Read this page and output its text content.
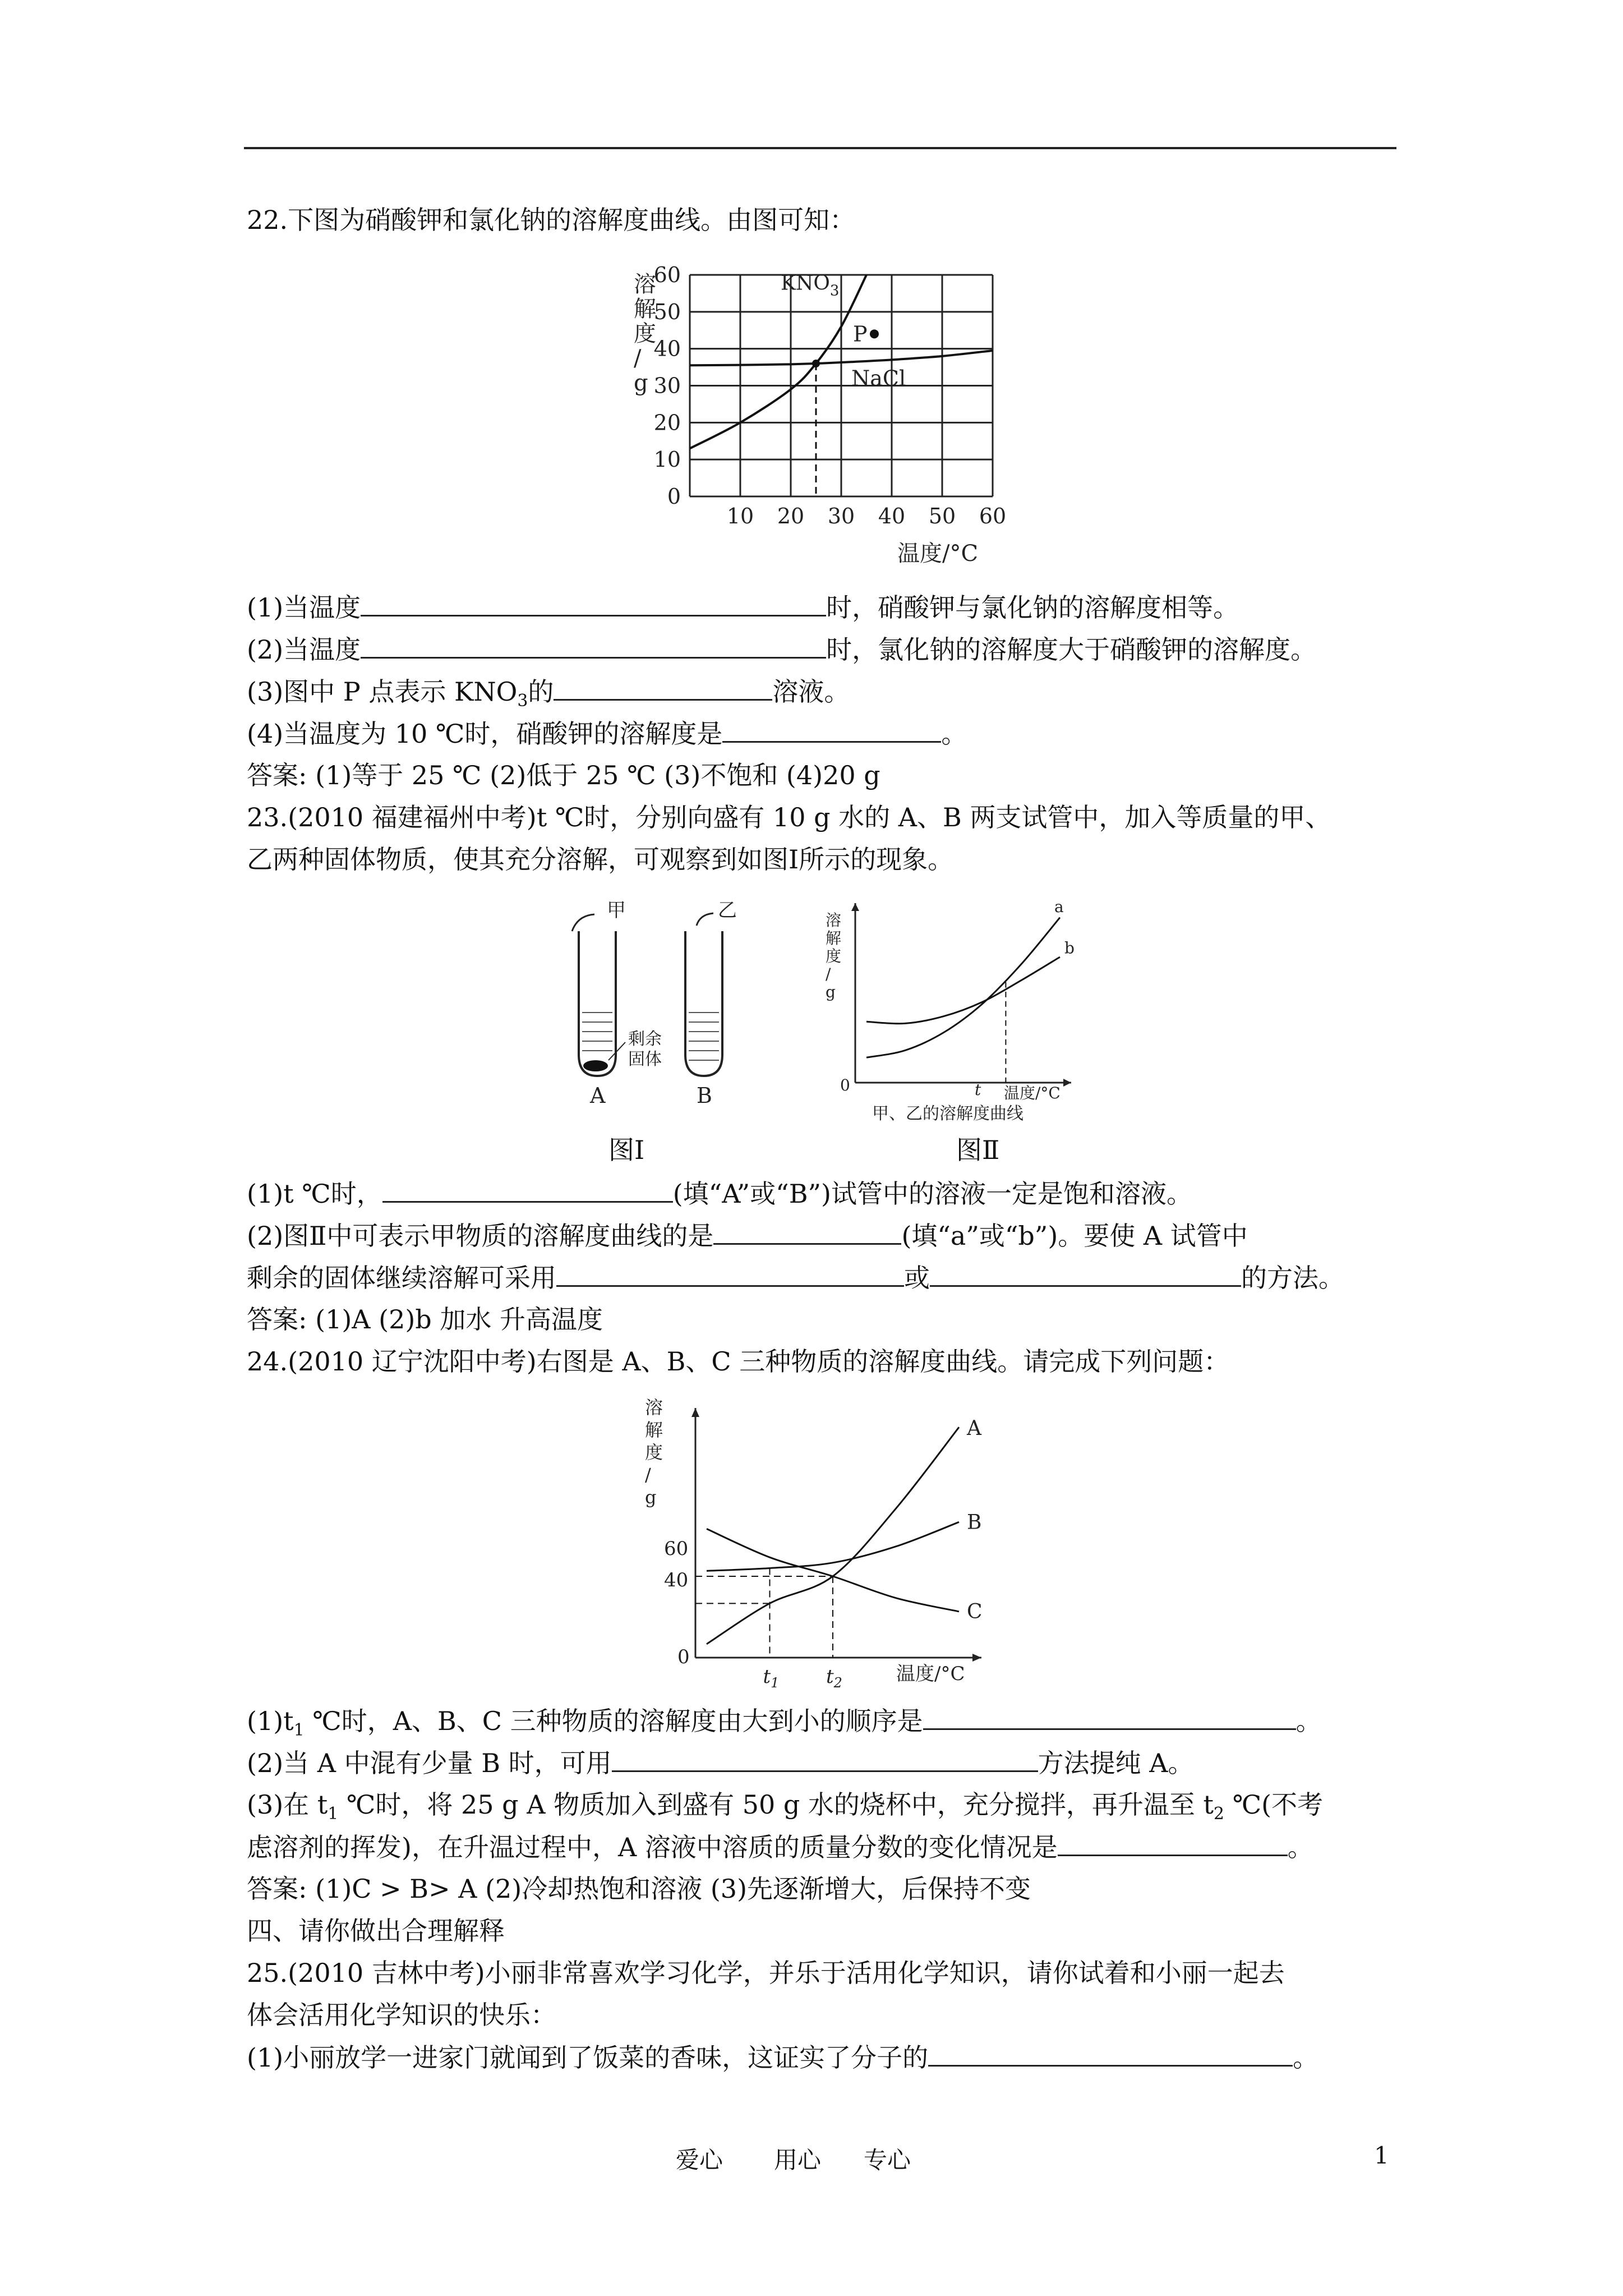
22.下图为硝酸钾和氯化钠的溶解度曲线。由图可知：
P
$KNO_3$
NaCl
0
10
20
30
40
50
60
10 20 30 40 50 60
溶
解
度
/
g
温度/°C
(1)当温度	时，硝酸钾与氯化钠的溶解度相等。
(2)当温度	时，氯化钠的溶解度大于硝酸钾的溶解度。
(3)图中 P 点表示 $KNO_3$的	溶液。
(4)当温度为 10 ℃时，硝酸钾的溶解度是	。
答案: (1)等于 25 ℃ (2)低于 25 ℃ (3)不饱和 (4)20 g
23.(2010 福建福州中考)t ℃时，分别向盛有 10 g 水的 A、B 两支试管中，加入等质量的甲、
乙两种固体物质，使其充分溶解，可观察到如图Ⅰ所示的现象。
甲	乙
剩余
固体
A	B
a
b
溶
解
度
/
g
0	t 温度/°C
甲、乙的溶解度曲线
图Ⅰ	图Ⅱ
(1)t ℃时，	(填“A”或“B”)试管中的溶液一定是饱和溶液。
(2)图Ⅱ中可表示甲物质的溶解度曲线的是	(填“a”或“b”)。要使 A 试管中
剩余的固体继续溶解可采用	或	的方法。
答案: (1)A (2)b 加水 升高温度
24.(2010 辽宁沈阳中考)右图是 A、B、C 三种物质的溶解度曲线。请完成下列问题：
溶
解
度
/
g
0
60
40
$t_1$ $t_2$	温度/°C
A
B
C
$(1)t_1$ ℃时，A、B、C 三种物质的溶解度由大到小的顺序是	。
(2)当 A 中混有少量 B 时，可用	方法提纯 A。
(3)在 $t_1$ ℃时，将 25 g A 物质加入到盛有 50 g 水的烧杯中，充分搅拌，再升温至 $t_2$ ℃(不考
虑溶剂的挥发)，在升温过程中，A 溶液中溶质的质量分数的变化情况是	。
答案: (1)C > B> A (2)冷却热饱和溶液 (3)先逐渐增大，后保持不变
四、请你做出合理解释
25.(2010 吉林中考)小丽非常喜欢学习化学，并乐于活用化学知识，请你试着和小丽一起去
体会活用化学知识的快乐：
(1)小丽放学一进家门就闻到了饭菜的香味，这证实了分子的	。
爱心 用心 专心	1
